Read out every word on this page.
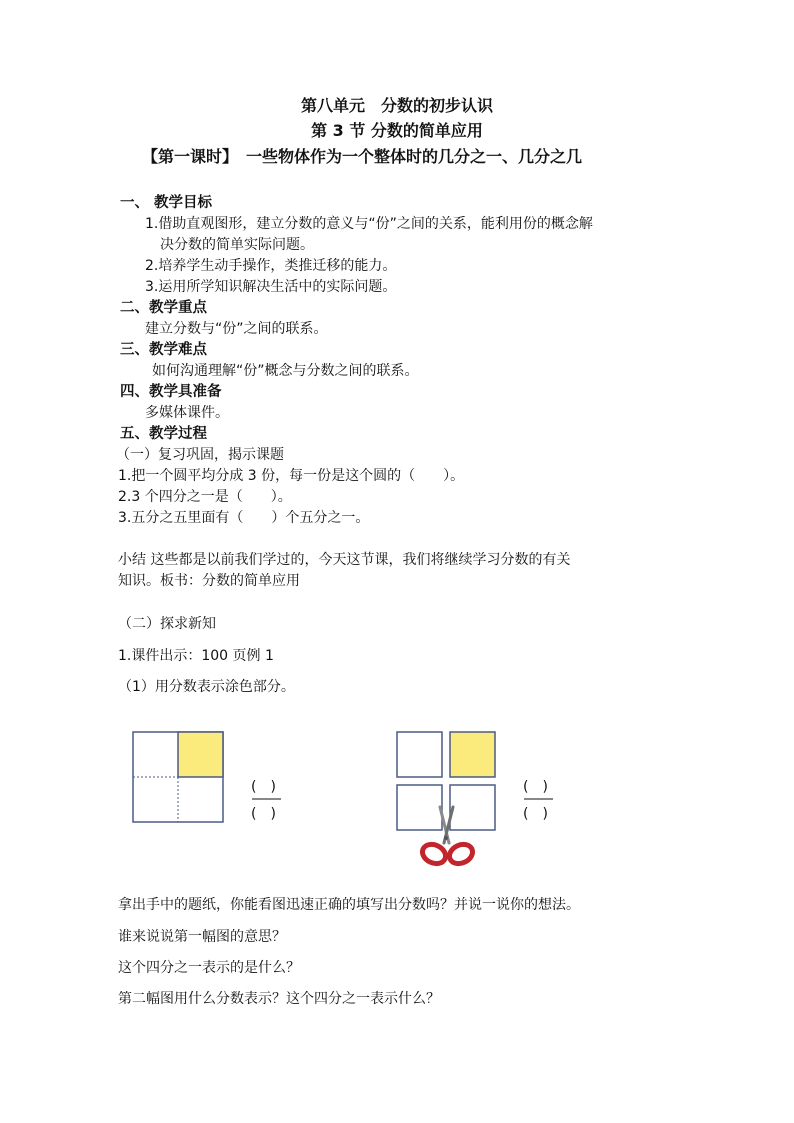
第八单元　分数的初步认识
第 3 节 分数的简单应用
【第一课时】　一些物体作为一个整体时的几分之一、几分之几
一、 教学目标
1.借助直观图形，建立分数的意义与“份”之间的关系，能利用份的概念解
决分数的简单实际问题。
2.培养学生动手操作，类推迁移的能力。
3.运用所学知识解决生活中的实际问题。
二、教学重点
建立分数与“份”之间的联系。
三、教学难点
如何沟通理解“份”概念与分数之间的联系。
四、教学具准备
多媒体课件。
五、教学过程
（一）复习巩固，揭示课题
1.把一个圆平均分成 3 份，每一份是这个圆的（　　）。
2.3 个四分之一是（　　）。
3.五分之五里面有（　　）个五分之一。
小结 这些都是以前我们学过的，今天这节课，我们将继续学习分数的有关
知识。板书：分数的简单应用
（二）探求新知
1.课件出示：100 页例 1
（1）用分数表示涂色部分。
(　)
(　)
(　)
(　)
拿出手中的题纸，你能看图迅速正确的填写出分数吗？并说一说你的想法。
谁来说说第一幅图的意思？
这个四分之一表示的是什么？
第二幅图用什么分数表示？这个四分之一表示什么？
